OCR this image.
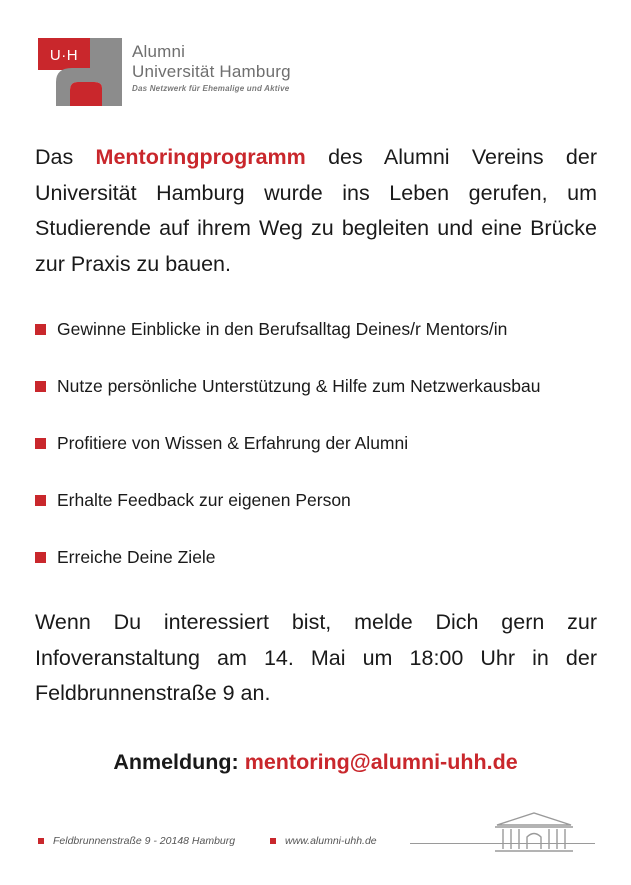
U·H	Alumni
Universität Hamburg
Das Netzwerk für Ehemalige und Aktive

Das Mentoringprogramm des Alumni Vereins der Universität Hamburg wurde ins Leben gerufen, um Studierende auf ihrem Weg zu begleiten und eine Brücke zur Praxis zu bauen.

Gewinne Einblicke in den Berufsalltag Deines/r Mentors/in
Nutze persönliche Unterstützung & Hilfe zum Netzwerkausbau
Profitiere von Wissen & Erfahrung der Alumni
Erhalte Feedback zur eigenen Person
Erreiche Deine Ziele

Wenn Du interessiert bist, melde Dich gern zur Infoveranstaltung am 14. Mai um 18:00 Uhr in der Feldbrunnenstraße 9 an.

Anmeldung: mentoring@alumni-uhh.de
Feldbrunnenstraße 9 - 20148 Hamburg	www.alumni-uhh.de
